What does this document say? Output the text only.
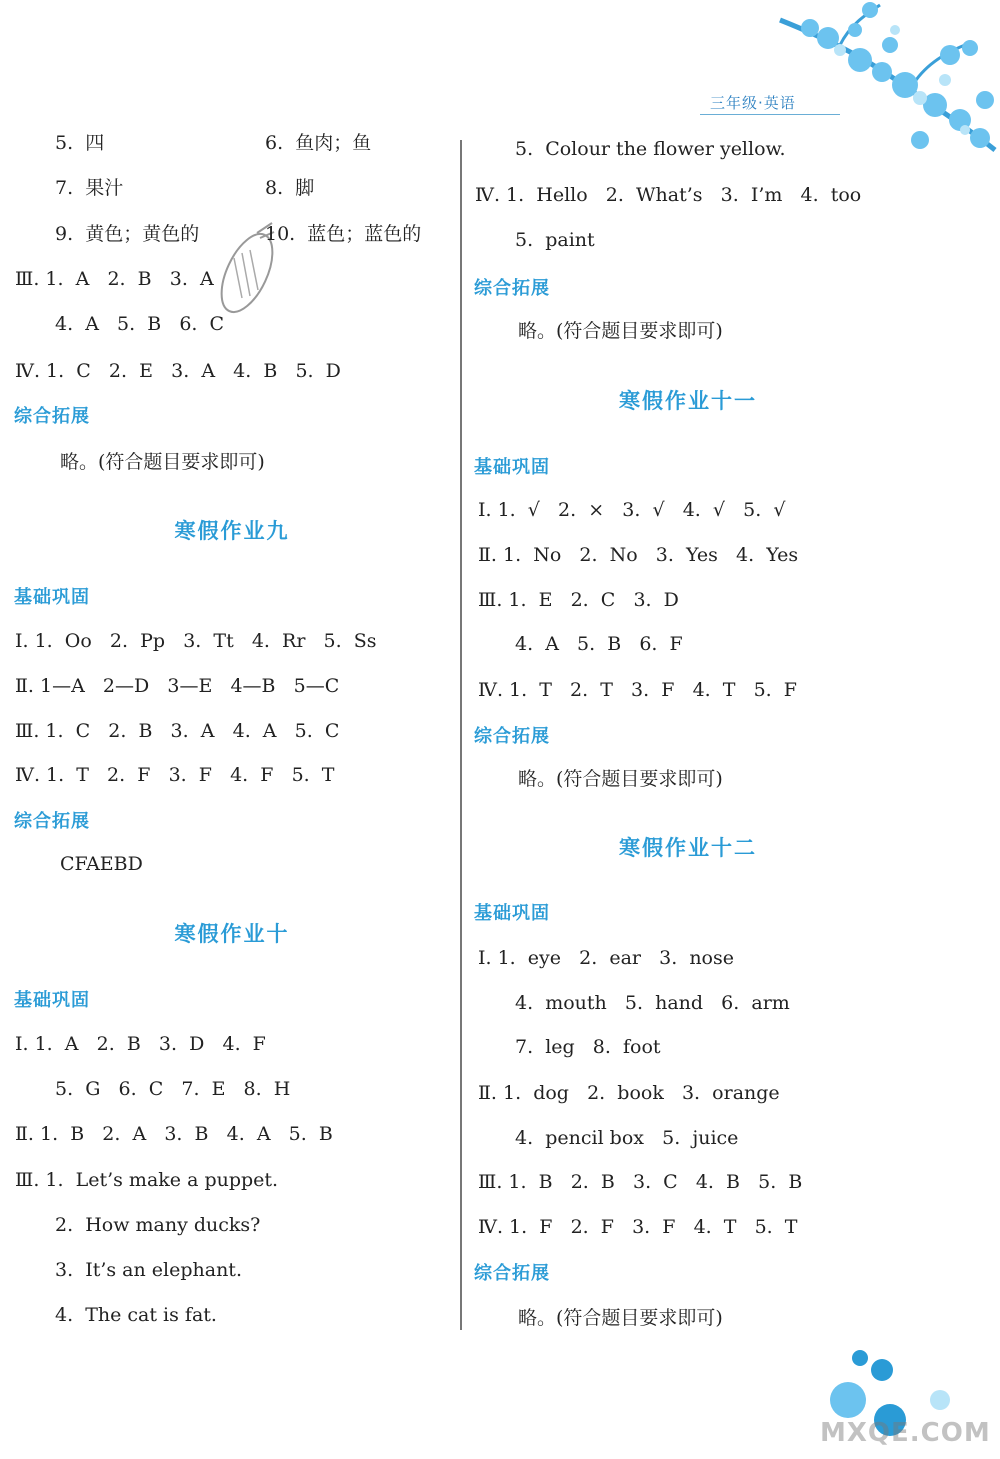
三年级·英语
5.  四	6.  鱼肉；鱼
7.  果汁	8.  脚
9.  黄色；黄色的	10.  蓝色；蓝色的
Ⅲ. 1.  A   2.  B   3.  A
4.  A   5.  B   6.  C
Ⅳ. 1.  C   2.  E   3.  A   4.  B   5.  D
略。(符合题目要求即可)
Ⅰ. 1.  Oo   2.  Pp   3.  Tt   4.  Rr   5.  Ss
Ⅱ. 1—A   2—D   3—E   4—B   5—C
Ⅲ. 1.  C   2.  B   3.  A   4.  A   5.  C
Ⅳ. 1.  T   2.  F   3.  F   4.  F   5.  T
CFAEBD
Ⅰ. 1.  A   2.  B   3.  D   4.  F
5.  G   6.  C   7.  E   8.  H
Ⅱ. 1.  B   2.  A   3.  B   4.  A   5.  B
Ⅲ. 1.  Let’s make a puppet.
2.  How many ducks?
3.  It’s an elephant.
4.  The cat is fat.
综合拓展
基础巩固
综合拓展
基础巩固
寒假作业九
寒假作业十
5.  Colour the flower yellow.
Ⅳ. 1.  Hello   2.  What’s   3.  I’m   4.  too
5.  paint
略。(符合题目要求即可)
Ⅰ. 1.  √   2.  ×   3.  √   4.  √   5.  √
Ⅱ. 1.  No   2.  No   3.  Yes   4.  Yes
Ⅲ. 1.  E   2.  C   3.  D
4.  A   5.  B   6.  F
Ⅳ. 1.  T   2.  T   3.  F   4.  T   5.  F
略。(符合题目要求即可)
Ⅰ. 1.  eye   2.  ear   3.  nose
4.  mouth   5.  hand   6.  arm
7.  leg   8.  foot
Ⅱ. 1.  dog   2.  book   3.  orange
4.  pencil box   5.  juice
Ⅲ. 1.  B   2.  B   3.  C   4.  B   5.  B
Ⅳ. 1.  F   2.  F   3.  F   4.  T   5.  T
略。(符合题目要求即可)
综合拓展
基础巩固
综合拓展
基础巩固
综合拓展
寒假作业十一
寒假作业十二
MXQE.COM
